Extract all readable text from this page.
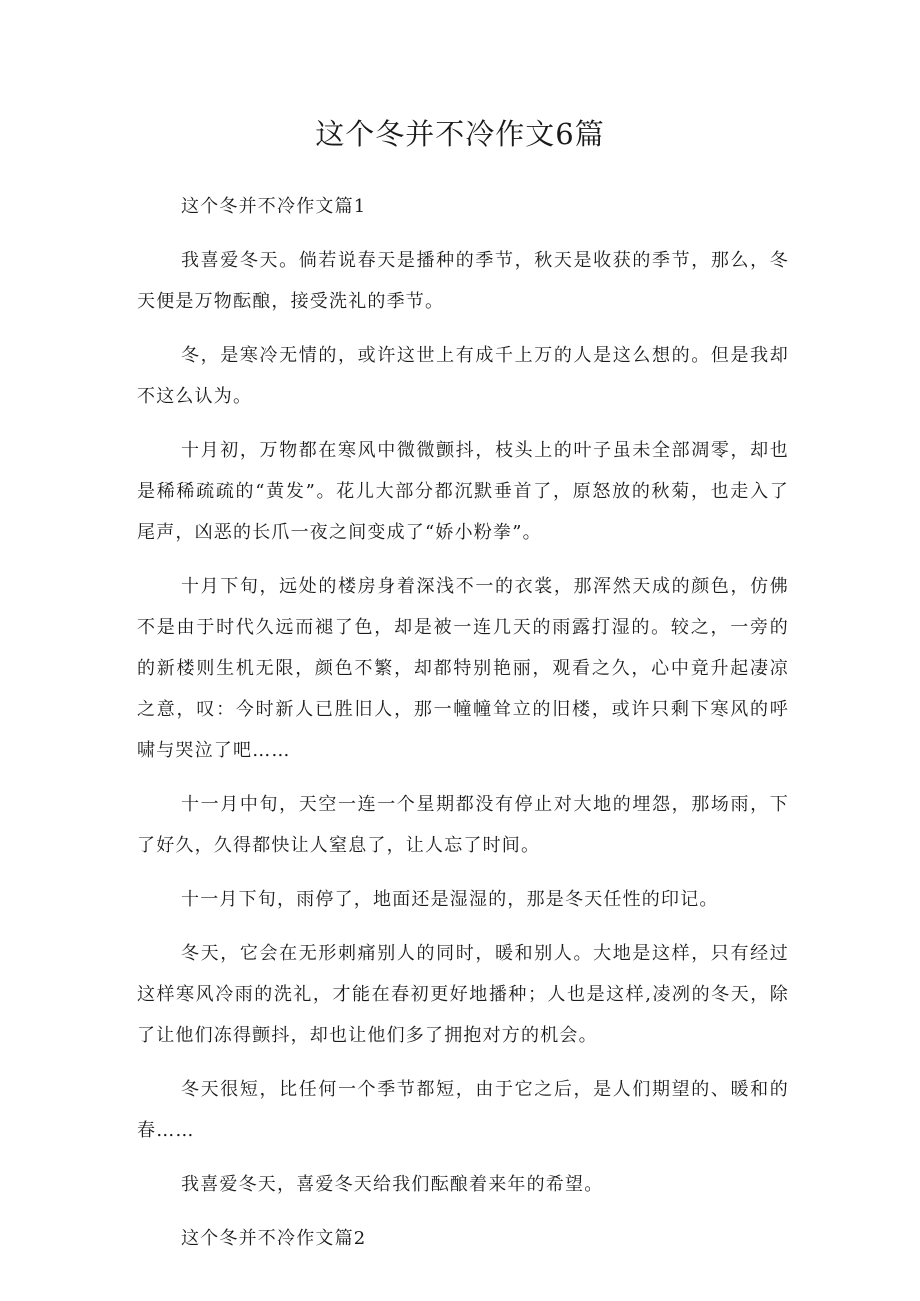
这个冬并不冷作文6篇
这个冬并不冷作文篇1

我喜爱冬天。倘若说春天是播种的季节，秋天是收获的季节，那么，冬天便是万物酝酿，接受洗礼的季节。

冬，是寒冷无情的，或许这世上有成千上万的人是这么想的。但是我却不这么认为。

十月初，万物都在寒风中微微颤抖，枝头上的叶子虽未全部凋零，却也是稀稀疏疏的“黄发”。花儿大部分都沉默垂首了，原怒放的秋菊，也走入了尾声，凶恶的长爪一夜之间变成了“娇小粉拳”。

十月下旬，远处的楼房身着深浅不一的衣裳，那浑然天成的颜色，仿佛不是由于时代久远而褪了色，却是被一连几天的雨露打湿的。较之，一旁的的新楼则生机无限，颜色不繁，却都特别艳丽，观看之久，心中竟升起凄凉之意，叹：今时新人已胜旧人，那一幢幢耸立的旧楼，或许只剩下寒风的呼啸与哭泣了吧……

十一月中旬，天空一连一个星期都没有停止对大地的埋怨，那场雨，下了好久，久得都快让人窒息了，让人忘了时间。

十一月下旬，雨停了，地面还是湿湿的，那是冬天任性的印记。

冬天，它会在无形刺痛别人的同时，暖和别人。大地是这样，只有经过这样寒风冷雨的洗礼，才能在春初更好地播种；人也是这样,凌冽的冬天，除了让他们冻得颤抖，却也让他们多了拥抱对方的机会。

冬天很短，比任何一个季节都短，由于它之后，是人们期望的、暖和的春……

我喜爱冬天，喜爱冬天给我们酝酿着来年的希望。

这个冬并不冷作文篇2
